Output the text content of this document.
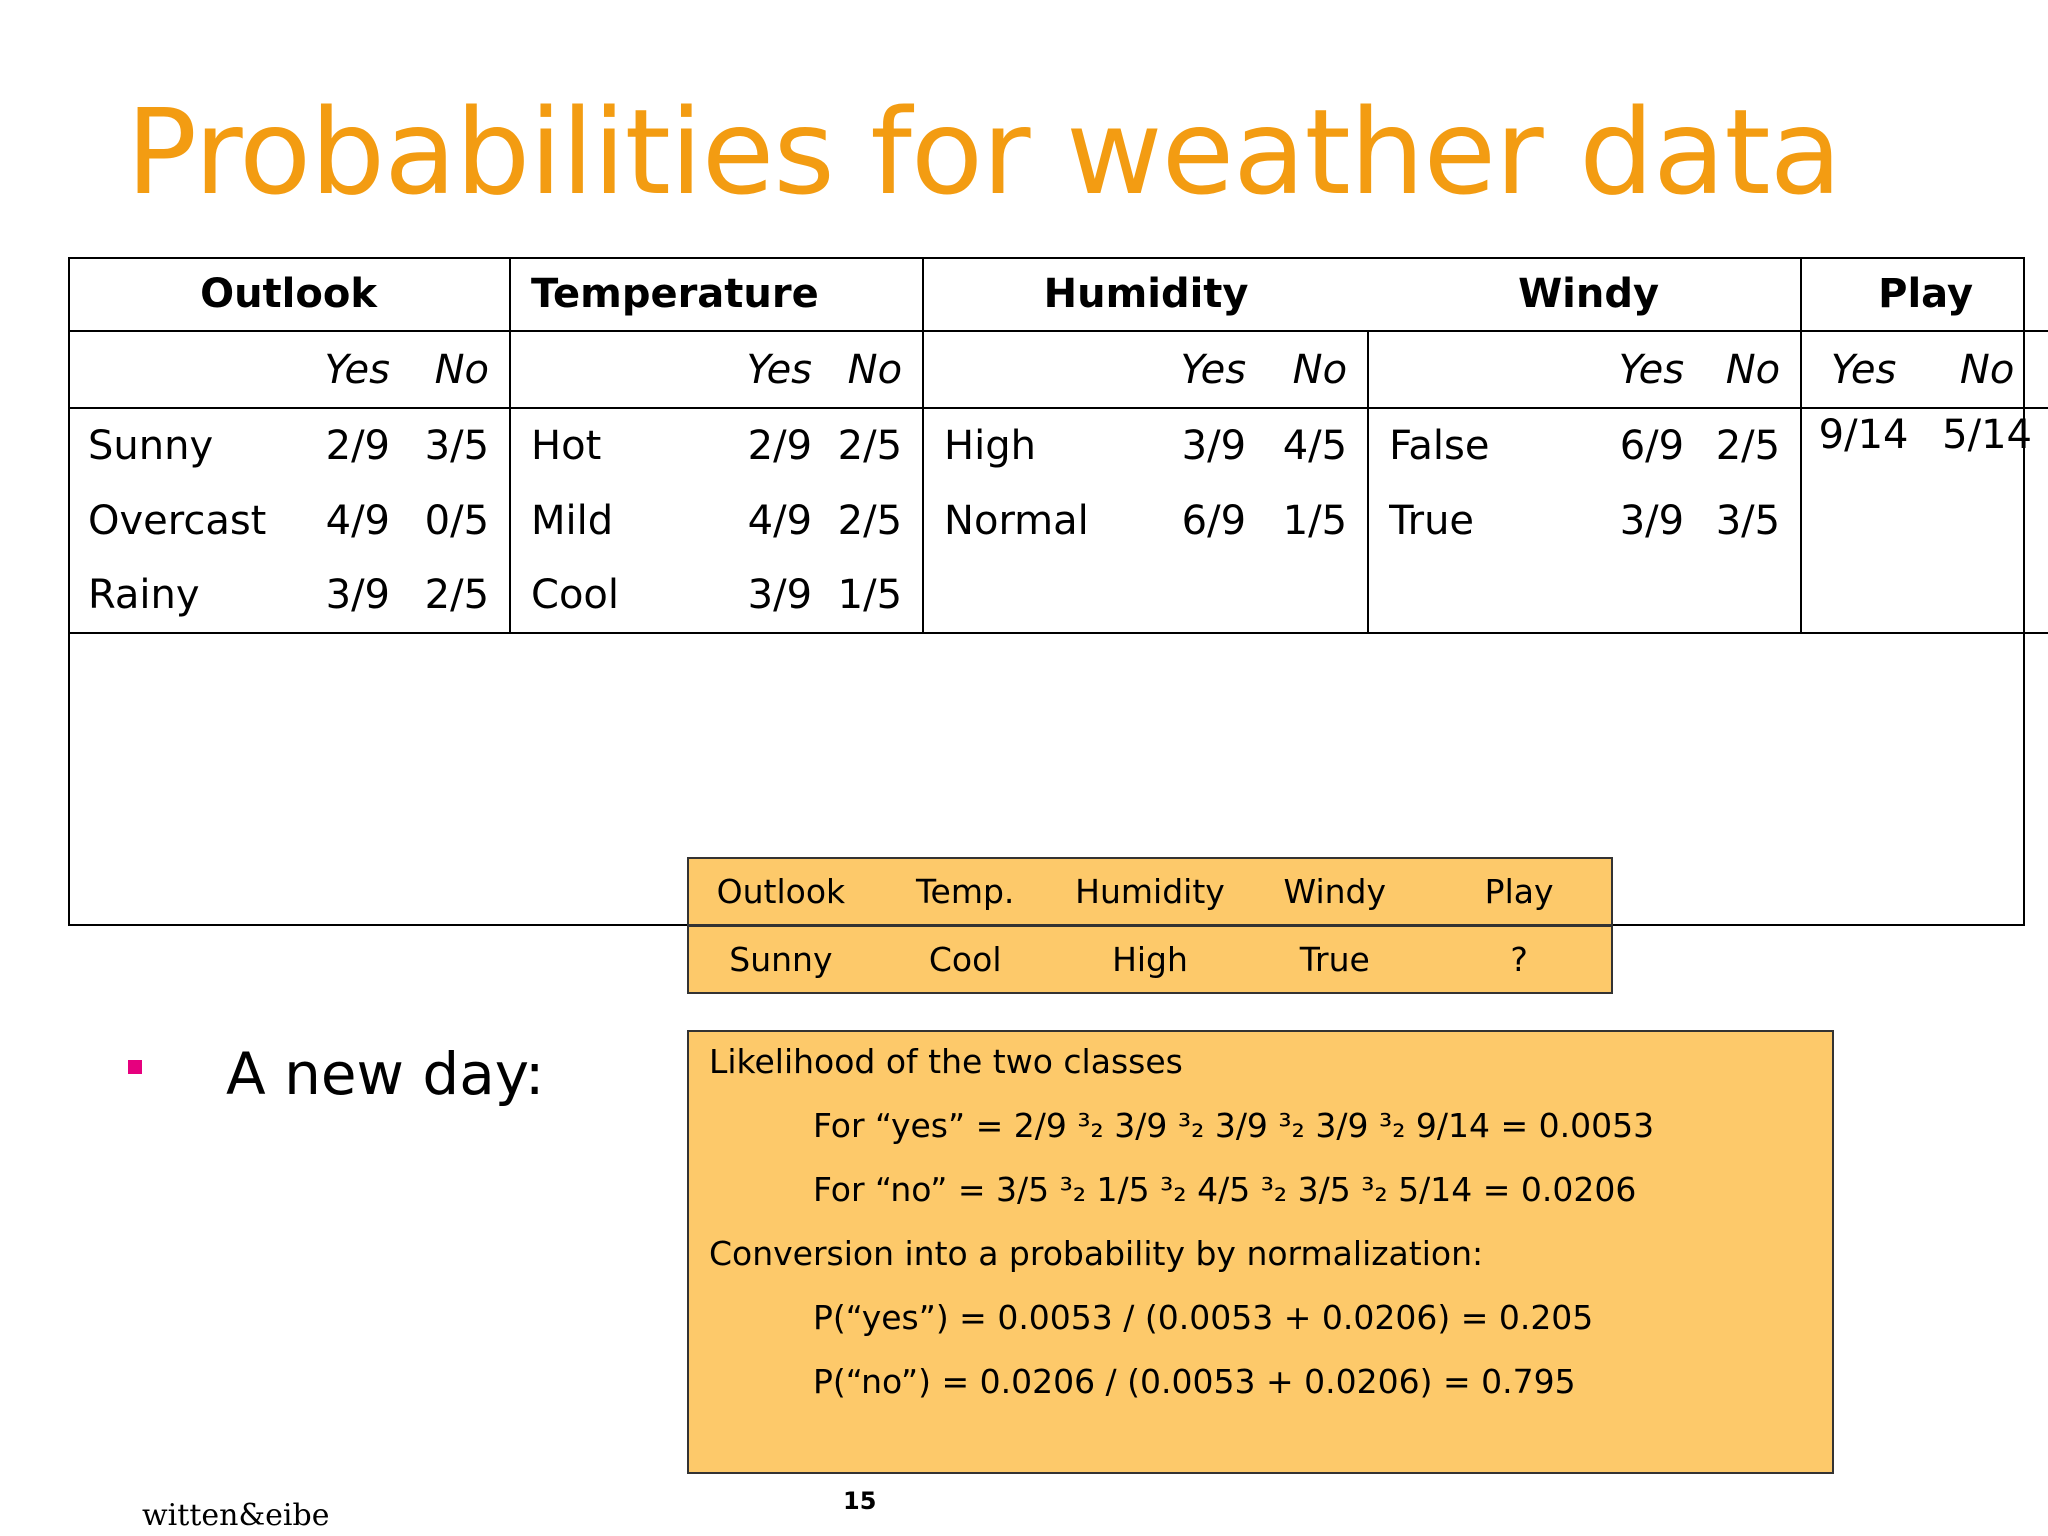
Probabilities for weather data
Outlook			Temperature			Humidity			Windy			Play														
	Yes	No		Yes	No		Yes	No		Yes	No	Yes	No														
Sunny	2/9	3/5	Hot	2/9	2/5	High	3/9	4/5	False	6/9	2/5	9/14	5/14	
Overcast	4/9	0/5	Mild	4/9	2/5	Normal	6/9	1/5	True	3/9	3/5			
Rainy	3/9	2/5	Cool	3/9	1/5									

A new day:
Outlook	Temp.	Humidity	Windy	Play
Sunny	Cool	High	True	?
Likelihood of the two classes
For “yes” = 2/9 ³₂ 3/9 ³₂ 3/9 ³₂ 3/9 ³₂ 9/14 = 0.0053
For “no” = 3/5 ³₂ 1/5 ³₂ 4/5 ³₂ 3/5 ³₂ 5/14 = 0.0206
Conversion into a probability by normalization:
P(“yes”) = 0.0053 / (0.0053 + 0.0206) = 0.205
P(“no”) = 0.0206 / (0.0053 + 0.0206) = 0.795
witten&eibe	15
